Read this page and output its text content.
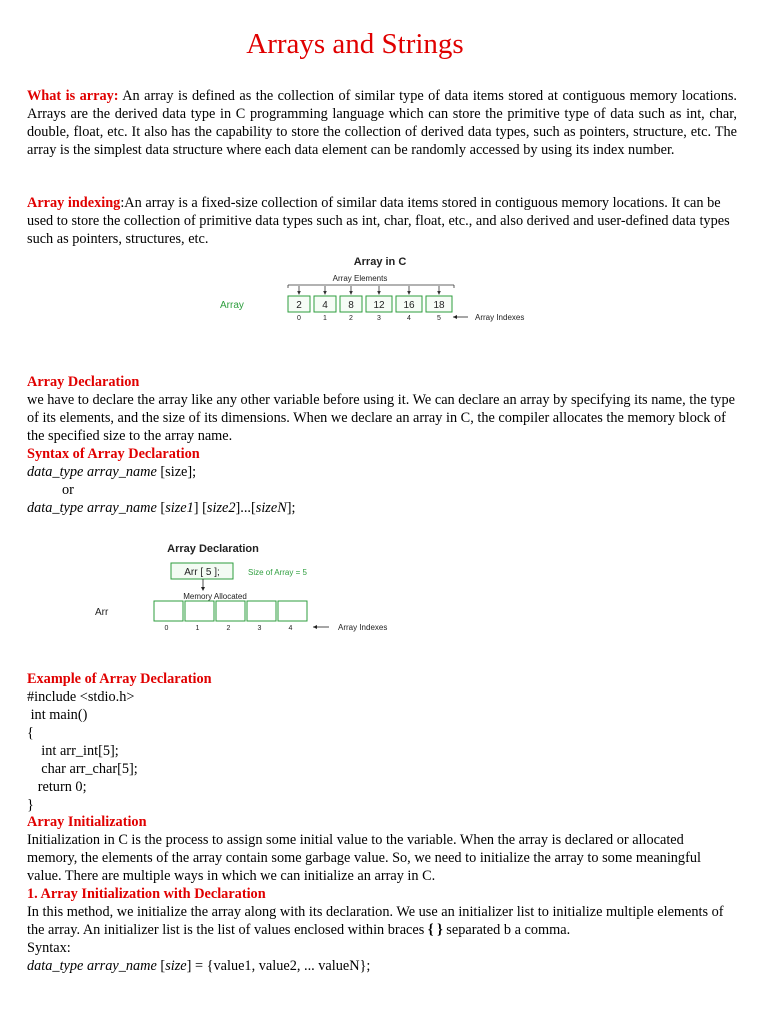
Arrays and Strings

What is array: An array is defined as the collection of similar type of data items stored at contiguous memory locations. Arrays are the derived data type in C programming language which can store the primitive type of data such as int, char, double, float, etc. It also has the capability to store the collection of derived data types, such as pointers, structure, etc. The array is the simplest data structure where each data element can be randomly accessed by using its index number.

Array indexing:An array is a fixed-size collection of similar data items stored in contiguous memory locations. It can be used to store the collection of primitive data types such as int, char, float, etc., and also derived and user-defined data types such as pointers, structures, etc.

Array in C
Array Elements
Array	2 4 8 12 16 18
0	1	2	3	4	5	Array Indexes
Array Declaration

we have to declare the array like any other variable before using it. We can declare an array by specifying its name, the type of its elements, and the size of its dimensions. When we declare an array in C, the compiler allocates the memory block of the specified size to the array name.

Syntax of Array Declaration
data_type array_name [size];
or
data_type array_name [size1] [size2]...[sizeN];
Array Declaration
Arr [ 5 ];	Size of Array = 5
Memory Allocated
Arr
0	1	2	3	4	Array Indexes
Example of Array Declaration
#include <stdio.h>
int main()
{
int arr_int[5];
char arr_char[5];
return 0;
}
Array Initialization

Initialization in C is the process to assign some initial value to the variable. When the array is declared or allocated memory, the elements of the array contain some garbage value. So, we need to initialize the array to some meaningful value. There are multiple ways in which we can initialize an array in C.

1. Array Initialization with Declaration

In this method, we initialize the array along with its declaration. We use an initializer list to initialize multiple elements of the array. An initializer list is the list of values enclosed within braces { } separated b a comma.

Syntax:
data_type array_name [size] = {value1, value2, ... valueN};
